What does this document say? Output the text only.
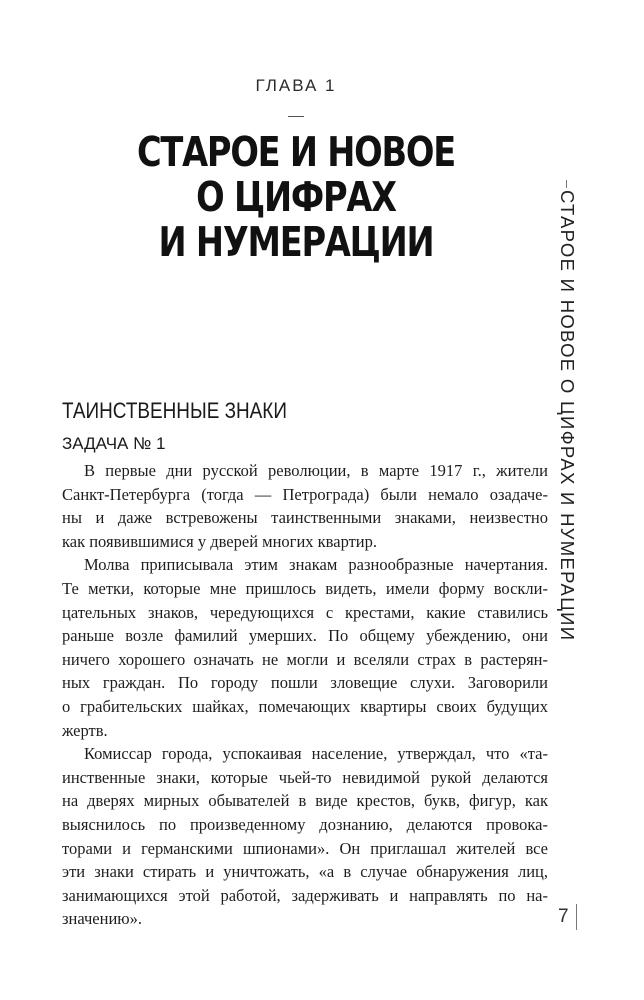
ГЛАВА 1
СТАРОЕ И НОВОЕ
О ЦИФРАХ
И НУМЕРАЦИИ	СТАРОЕ И НОВОЕ О ЦИФРАХ И НУМЕРАЦИИ
ТАИНСТВЕННЫЕ ЗНАКИ
ЗАДАЧА № 1

В первые дни русской революции, в марте 1917 г., жители
Санкт-Петербурга (тогда — Петрограда) были немало озадаче-
ны и даже встревожены таинственными знаками, неизвестно
как появившимися у дверей многих квартир.

Молва приписывала этим знакам разнообразные начертания.
Те метки, которые мне пришлось видеть, имели форму воскли-
цательных знаков, чередующихся с крестами, какие ставились
раньше возле фамилий умерших. По общему убеждению, они
ничего хорошего означать не могли и вселяли страх в растерян-
ных граждан. По городу пошли зловещие слухи. Заговорили
о грабительских шайках, помечающих квартиры своих будущих
жертв.

Комиссар города, успокаивая население, утверждал, что «та-
инственные знаки, которые чьей-то невидимой рукой делаются
на дверях мирных обывателей в виде крестов, букв, фигур, как
выяснилось по произведенному дознанию, делаются провока-
торами и германскими шпионами». Он приглашал жителей все
эти знаки стирать и уничтожать, «а в случае обнаружения лиц,
занимающихся этой работой, задерживать и направлять по на-
значению».	7
